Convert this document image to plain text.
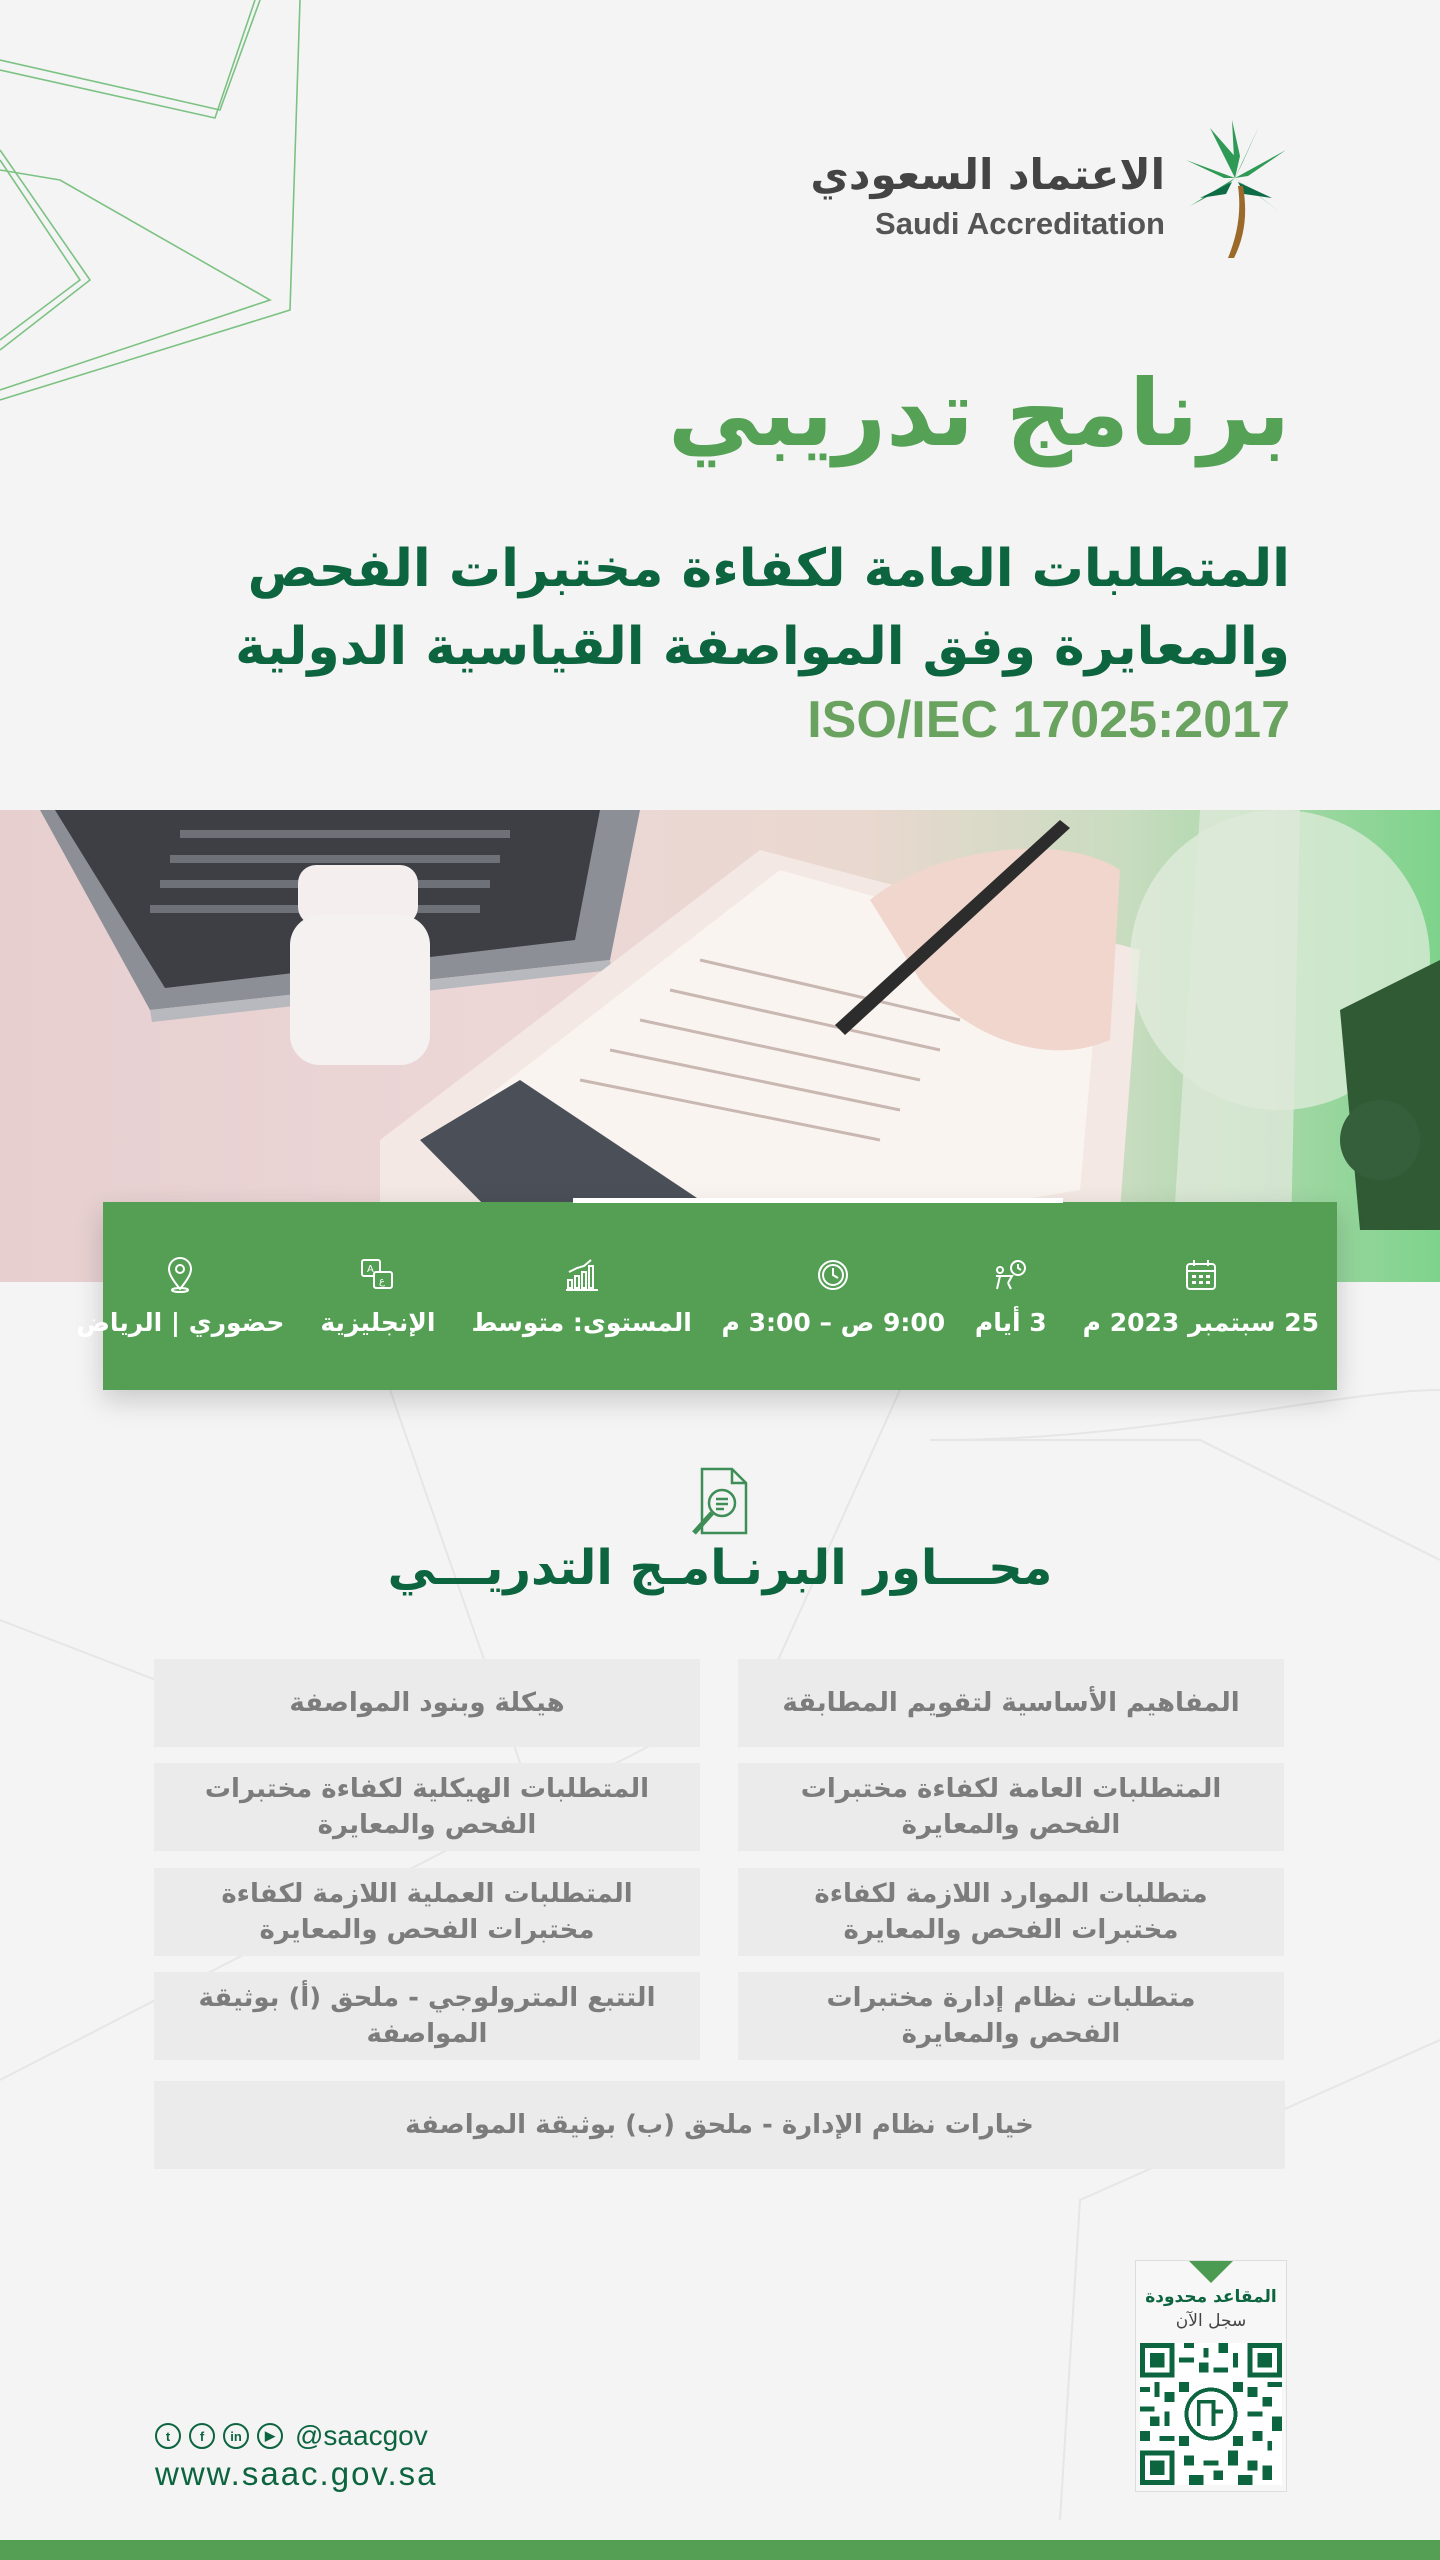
الاعتماد السعودي
Saudi Accreditation
برنامج تدريبي
المتطلبات العامة لكفاءة مختبرات الفحص
والمعايرة وفق المواصفة القياسية الدولية
ISO/IEC 17025:2017
25 سبتمبر 2023 م
3 أيام
9:00 ص – 3:00 م
المستوى: متوسط
A
ع
الإنجليزية
حضوري | الرياض
محـــاور البرنـامـج التدريـــي
المفاهيم الأساسية لتقويم المطابقة
هيكلة وبنود المواصفة
المتطلبات العامة لكفاءة مختبرات الفحص والمعايرة
المتطلبات الهيكلية لكفاءة مختبرات الفحص والمعايرة
متطلبات الموارد اللازمة لكفاءة مختبرات الفحص والمعايرة
المتطلبات العملية اللازمة لكفاءة مختبرات الفحص والمعايرة
متطلبات نظام إدارة مختبرات الفحص والمعايرة
التتبع المترولوجي - ملحق (أ) بوثيقة المواصفة
خيارات نظام الإدارة - ملحق (ب) بوثيقة المواصفة
المقاعد محدودة
سجل الآن
t	f	in	▶ @saacgov
www.saac.gov.sa
